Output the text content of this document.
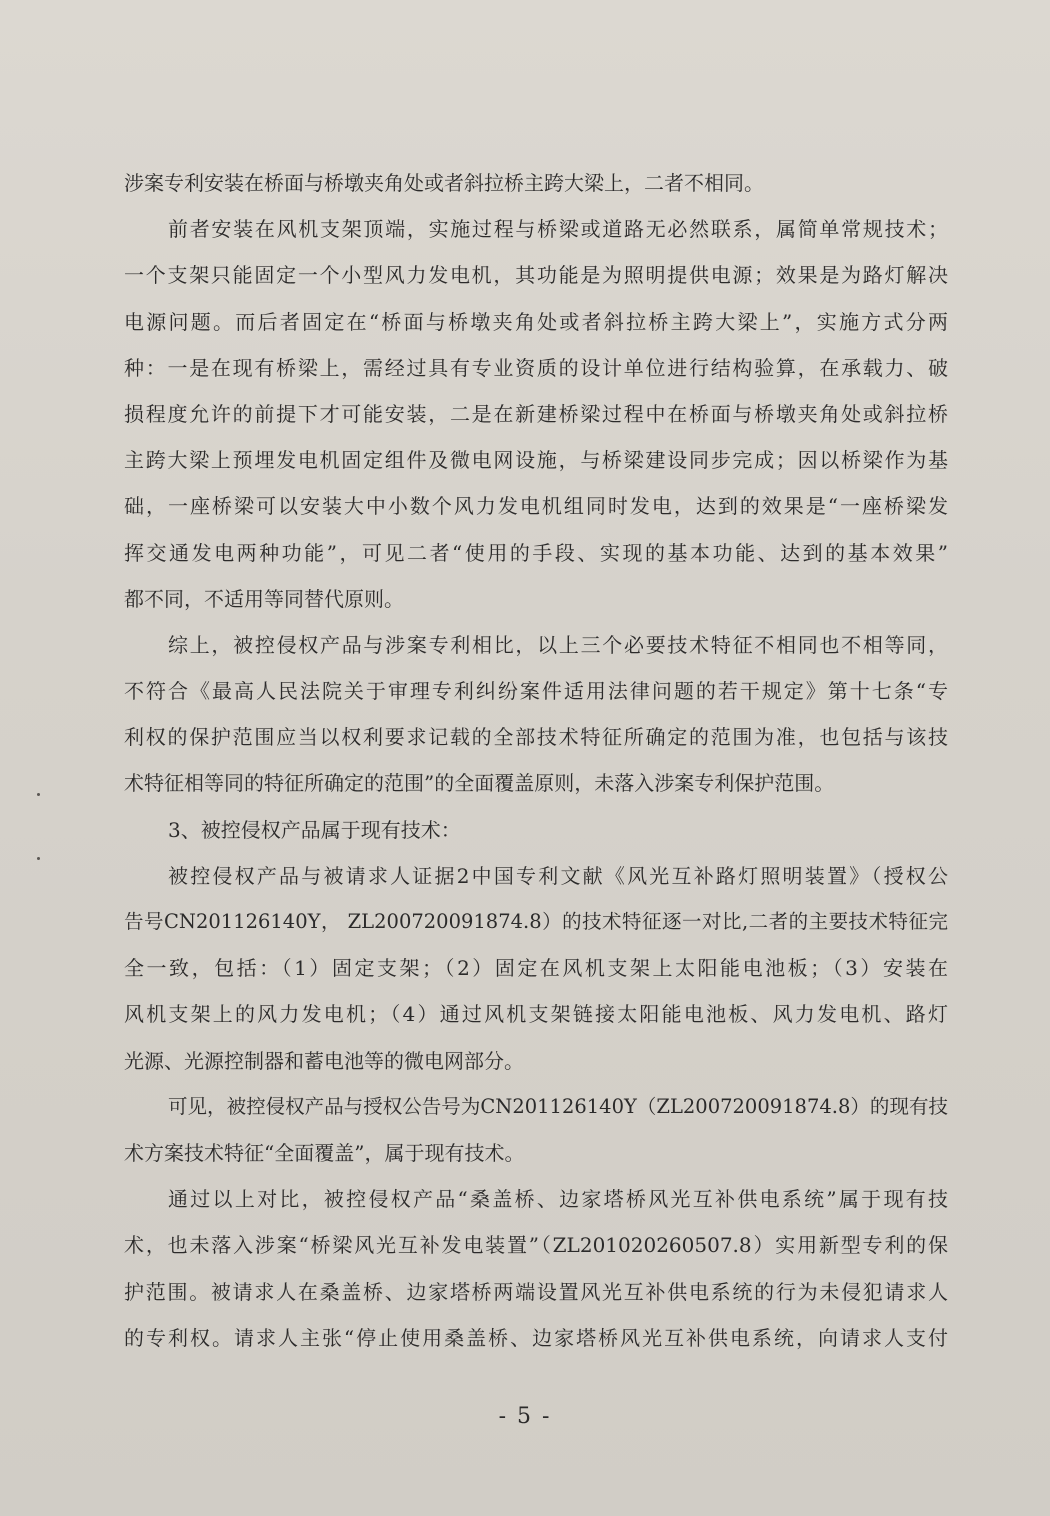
涉案专利安装在桥面与桥墩夹角处或者斜拉桥主跨大梁上，二者不相同。
前者安装在风机支架顶端，实施过程与桥梁或道路无必然联系，属简单常规技术；
一个支架只能固定一个小型风力发电机，其功能是为照明提供电源；效果是为路灯解决
电源问题。而后者固定在“桥面与桥墩夹角处或者斜拉桥主跨大梁上”，实施方式分两
种：一是在现有桥梁上，需经过具有专业资质的设计单位进行结构验算，在承载力、破
损程度允许的前提下才可能安装，二是在新建桥梁过程中在桥面与桥墩夹角处或斜拉桥
主跨大梁上预埋发电机固定组件及微电网设施，与桥梁建设同步完成；因以桥梁作为基
础，一座桥梁可以安装大中小数个风力发电机组同时发电，达到的效果是“一座桥梁发
挥交通发电两种功能”，可见二者“使用的手段、实现的基本功能、达到的基本效果”
都不同，不适用等同替代原则。
综上，被控侵权产品与涉案专利相比，以上三个必要技术特征不相同也不相等同，
不符合《最高人民法院关于审理专利纠纷案件适用法律问题的若干规定》第十七条“专
利权的保护范围应当以权利要求记载的全部技术特征所确定的范围为准，也包括与该技
术特征相等同的特征所确定的范围”的全面覆盖原则，未落入涉案专利保护范围。
3、被控侵权产品属于现有技术：
被控侵权产品与被请求人证据2中国专利文献《风光互补路灯照明装置》（授权公
告号CN201126140Y， ZL200720091874.8）的技术特征逐一对比,二者的主要技术特征完
全一致，包括：（1）固定支架；（2）固定在风机支架上太阳能电池板；（3）安装在
风机支架上的风力发电机；（4）通过风机支架链接太阳能电池板、风力发电机、路灯
光源、光源控制器和蓄电池等的微电网部分。
可见，被控侵权产品与授权公告号为CN201126140Y（ZL200720091874.8）的现有技
术方案技术特征“全面覆盖”，属于现有技术。
通过以上对比，被控侵权产品“桑盖桥、边家塔桥风光互补供电系统”属于现有技
术，也未落入涉案“桥梁风光互补发电装置”（ZL201020260507.8）实用新型专利的保
护范围。被请求人在桑盖桥、边家塔桥两端设置风光互补供电系统的行为未侵犯请求人
的专利权。请求人主张“停止使用桑盖桥、边家塔桥风光互补供电系统，向请求人支付
- 5 -
